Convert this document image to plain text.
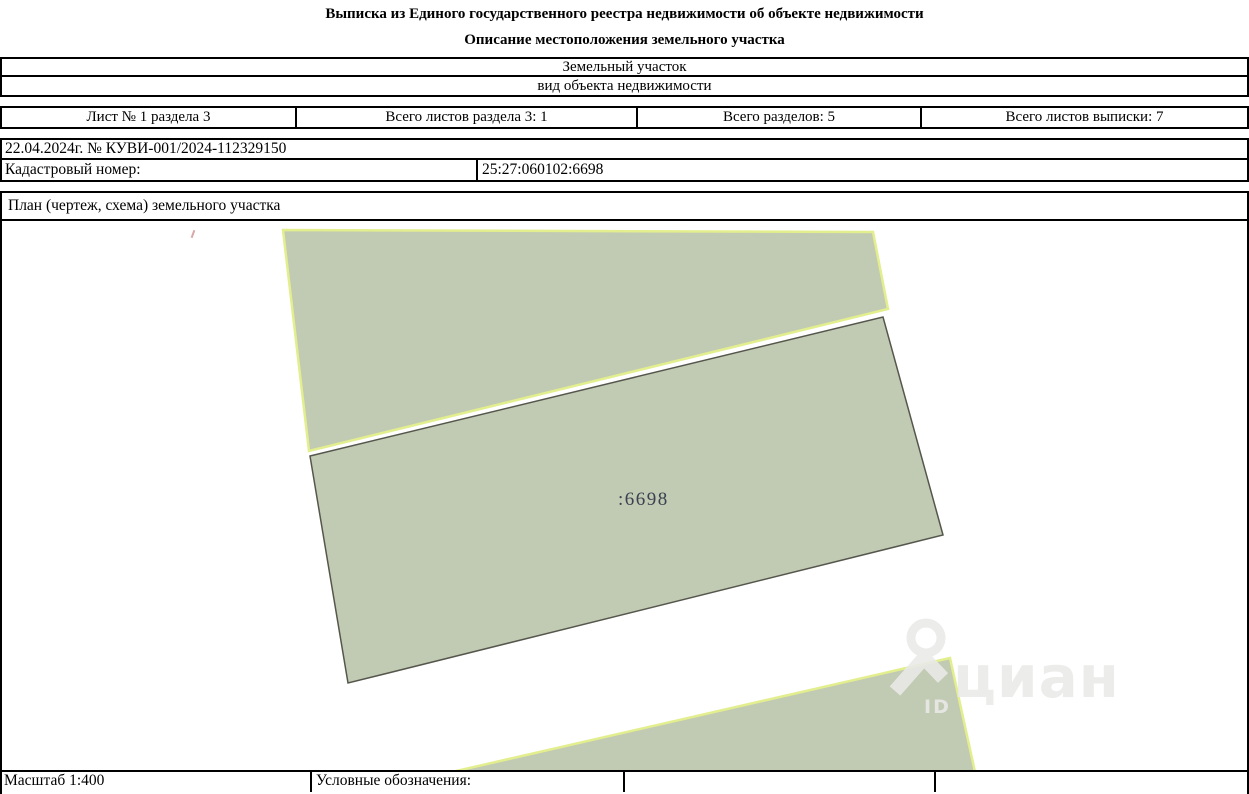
Выписка из Единого государственного реестра недвижимости об объекте недвижимости
Описание местоположения земельного участка
Земельный участок
вид объекта недвижимости
Лист № 1 раздела 3	Всего листов раздела 3: 1	Всего разделов: 5	Всего листов выписки: 7
22.04.2024г. № КУВИ-001/2024-112329150
Кадастровый номер:	25:27:060102:6698
План (чертеж, схема) земельного участка
:6698
циан
ID
Масштаб 1:400	Условные обозначения:
